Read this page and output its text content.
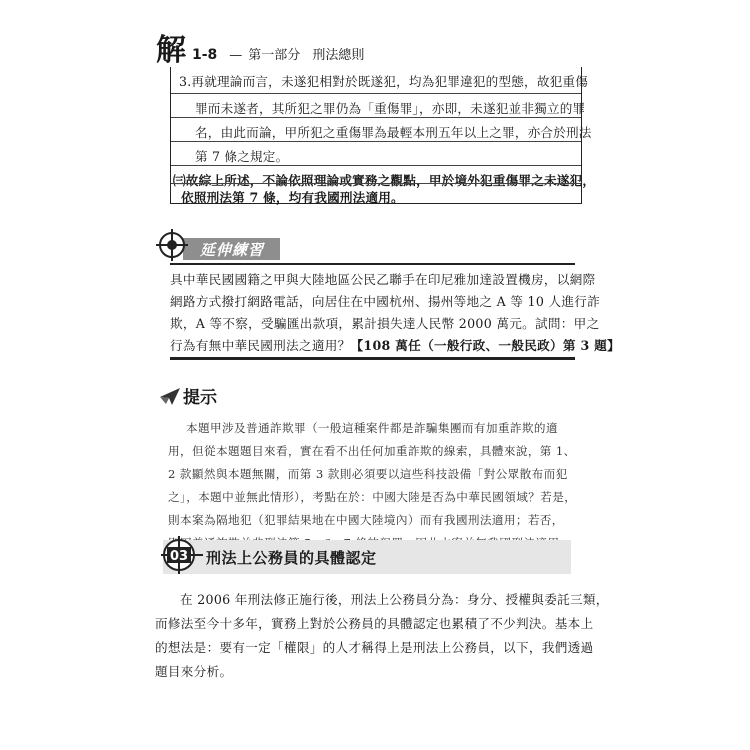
解 1-8 — 第一部分 刑法總則
3.再就理論而言，未遂犯相對於既遂犯，均為犯罪違犯的型態，故犯重傷
罪而未遂者，其所犯之罪仍為「重傷罪」，亦即，未遂犯並非獨立的罪
名，由此而論，甲所犯之重傷罪為最輕本刑五年以上之罪，亦合於刑法
第 7 條之規定。
㈢故綜上所述，不論依照理論或實務之觀點，甲於境外犯重傷罪之未遂犯，
依照刑法第 7 條，均有我國刑法適用。
延伸練習
具中華民國國籍之甲與大陸地區公民乙聯手在印尼雅加達設置機房，以網際
網路方式撥打網路電話，向居住在中國杭州、揚州等地之 A 等 10 人進行詐
欺，A 等不察，受騙匯出款項，累計損失達人民幣 2000 萬元。試問：甲之
行為有無中華民國刑法之適用？【108 萬任（一般行政、一般民政）第 3 題】
提示
本題甲涉及普通詐欺罪（一般這種案件都是詐騙集團而有加重詐欺的適
用，但從本題題目來看，實在看不出任何加重詐欺的線索，具體來說，第 1、
2 款顯然與本題無關，而第 3 款則必須要以這些科技設備「對公眾散布而犯
之」，本題中並無此情形），考點在於：中國大陸是否為中華民國領域？若是，
則本案為隔地犯（犯罪結果地在中國大陸境內）而有我國刑法適用；若否，
03 刑法上公務員的具體認定
在 2006 年刑法修正施行後，刑法上公務員分為：身分、授權與委託三類，
而修法至今十多年，實務上對於公務員的具體認定也累積了不少判決。基本上
的想法是：要有一定「權限」的人才稱得上是刑法上公務員，以下，我們透過
題目來分析。
